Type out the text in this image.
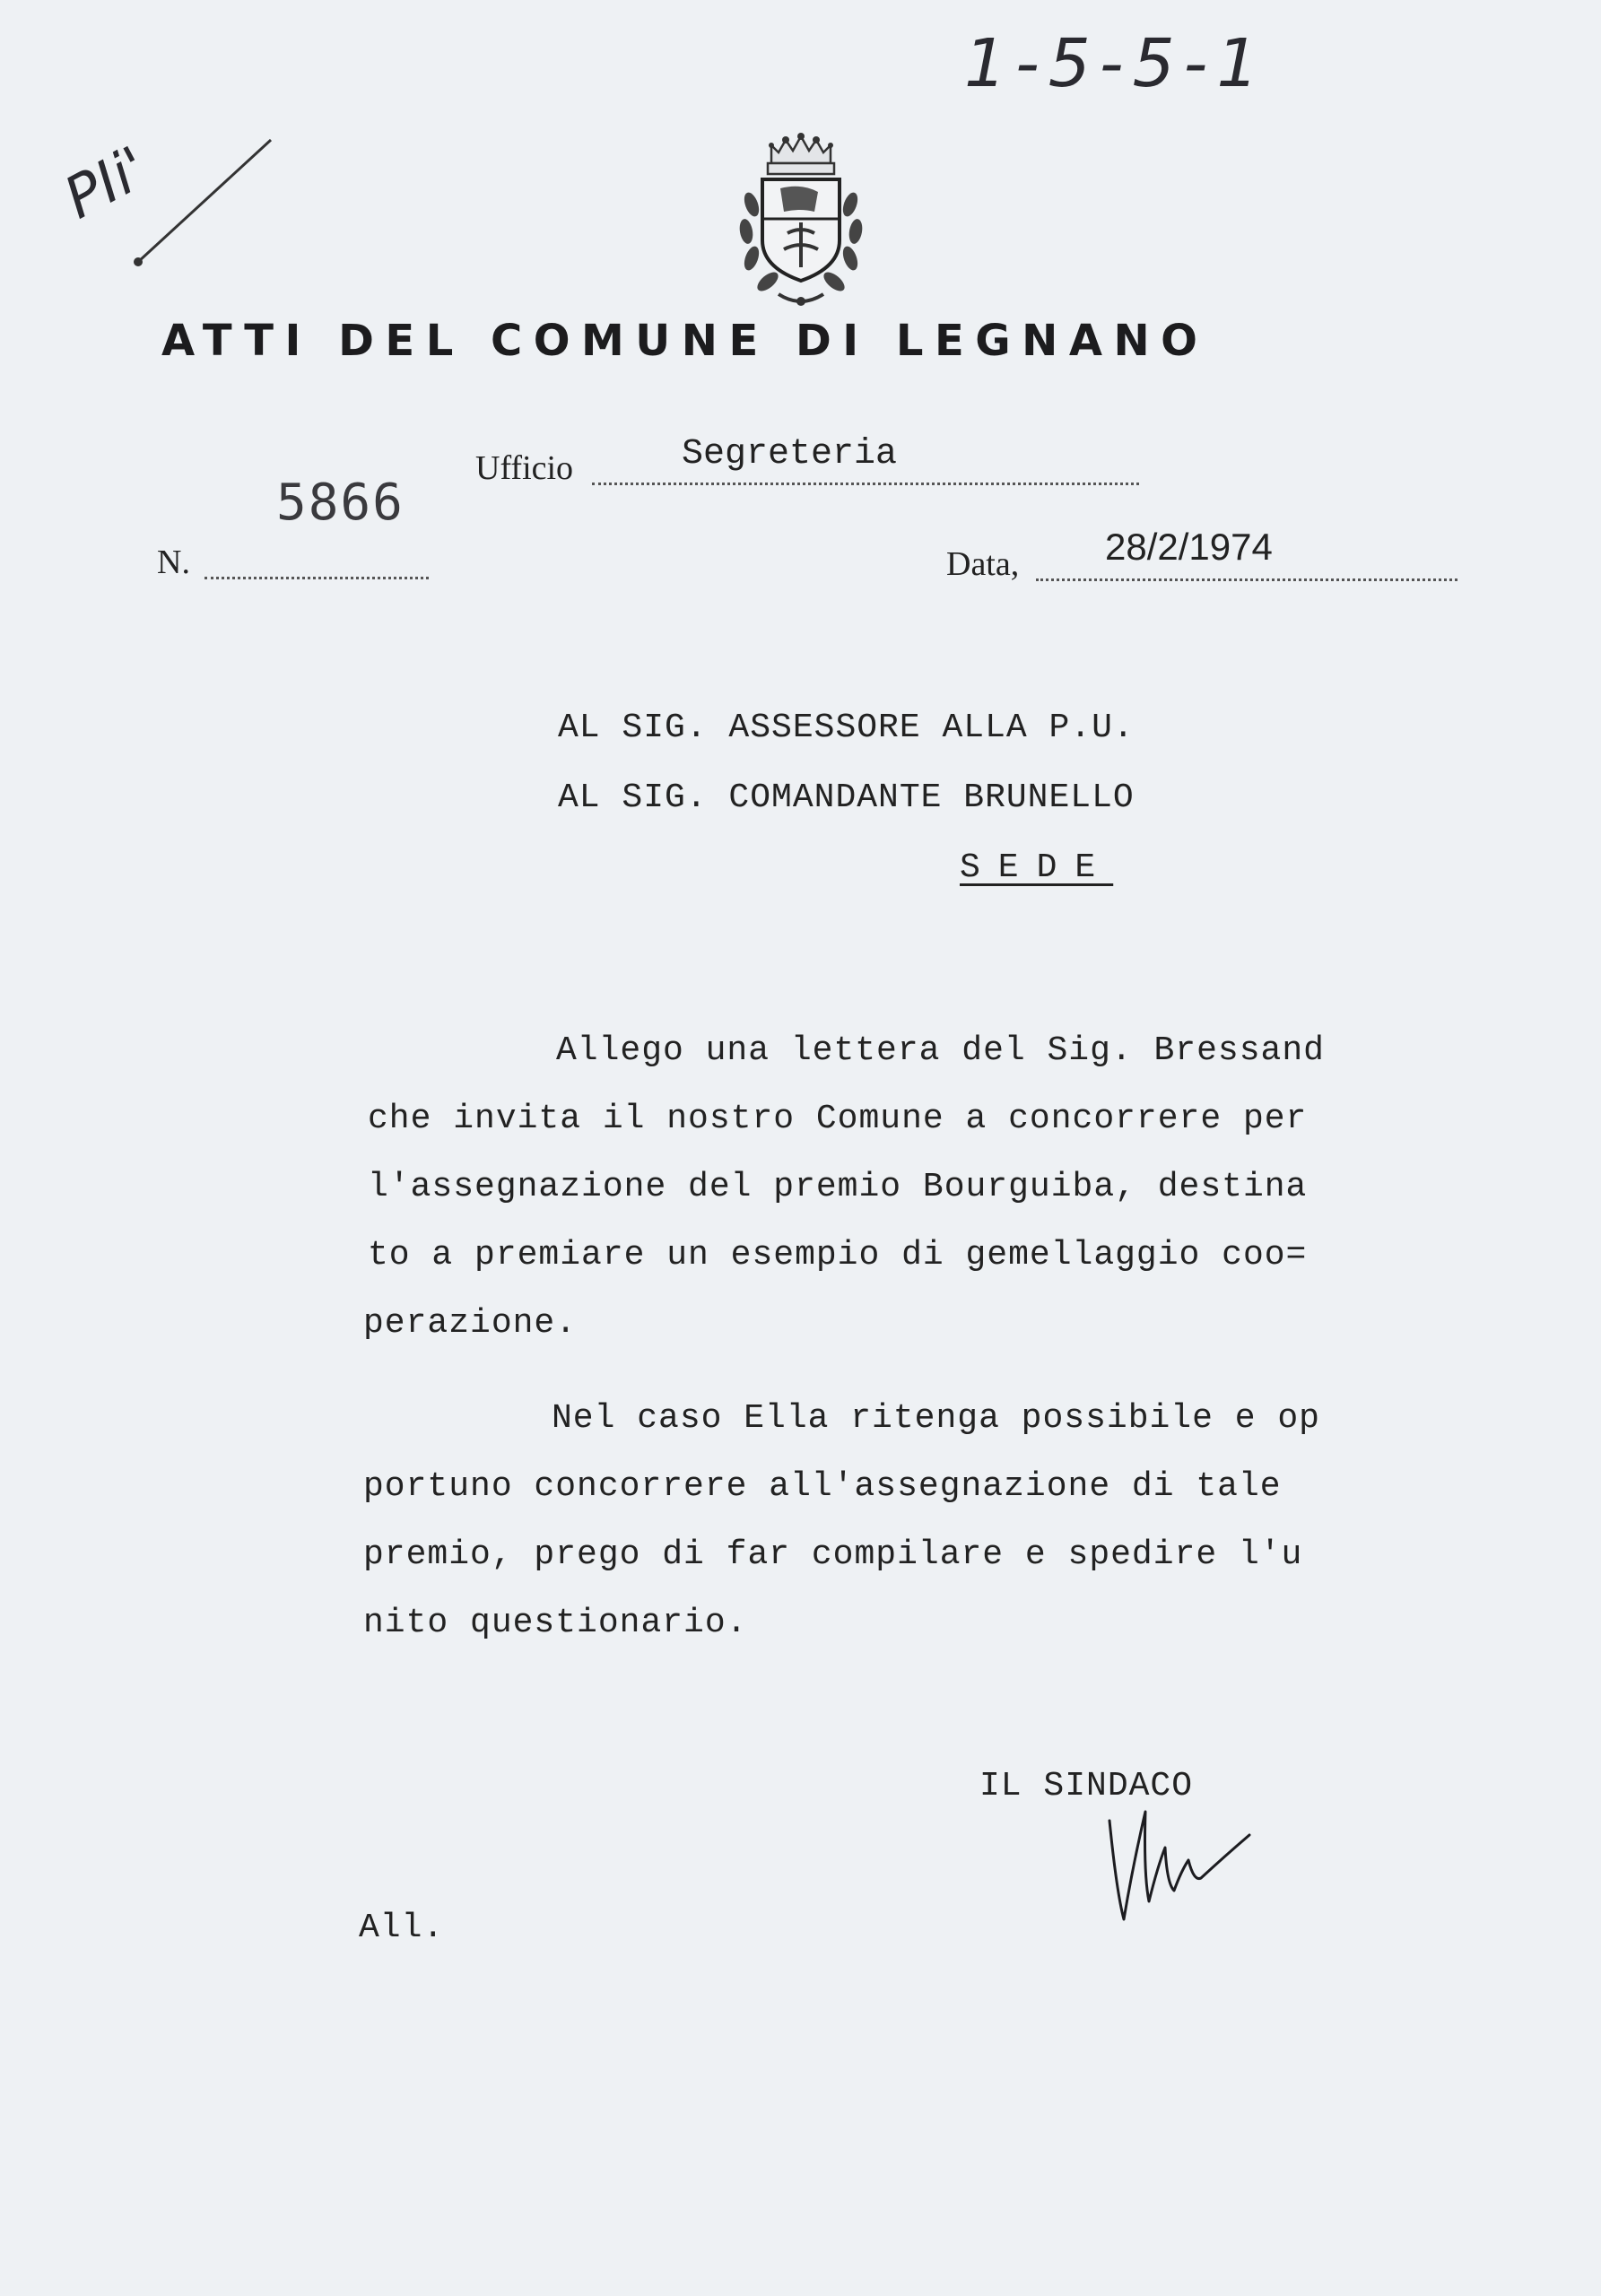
1-5-5-1
PIi'
ATTI DEL COMUNE DI LEGNANO
Ufficio	Segreteria
5866
N.	Data, 28/2/1974
AL SIG. ASSESSORE ALLA P.U.
AL SIG. COMANDANTE BRUNELLO
SEDE
Allego una lettera del Sig. Bressand
che invita il nostro Comune a concorrere per
l'assegnazione del premio Bourguiba, destina
to a premiare un esempio di gemellaggio coo=
perazione.
Nel caso Ella ritenga possibile e op
portuno concorrere all'assegnazione di tale
premio, prego di far compilare e spedire l'u
nito questionario.
IL SINDACO
All.
